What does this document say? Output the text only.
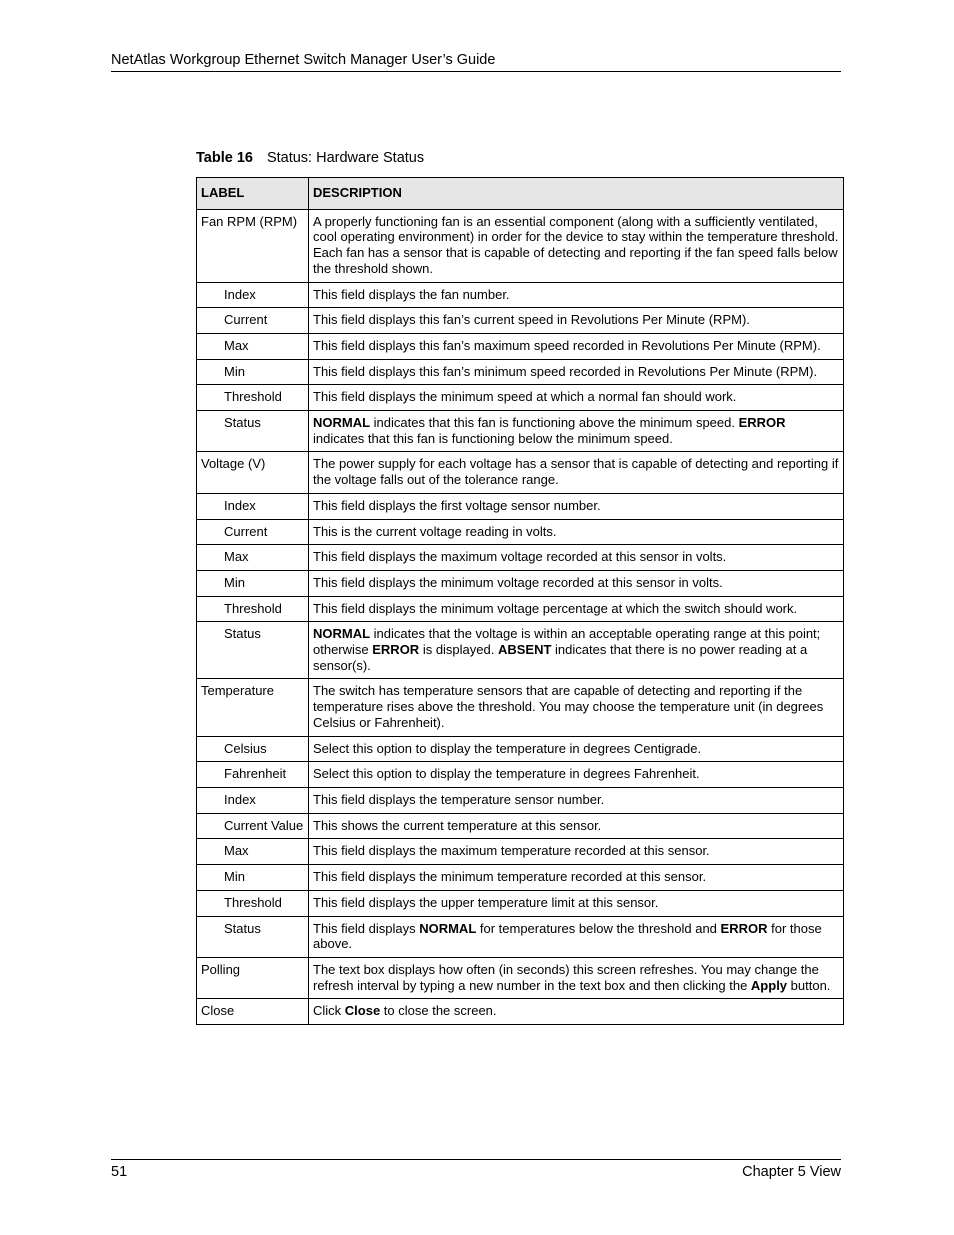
NetAtlas Workgroup Ethernet Switch Manager User’s Guide
Table 16 Status: Hardware Status
LABEL	DESCRIPTION
Fan RPM (RPM)	A properly functioning fan is an essential component (along with a sufficiently ventilated, cool operating environment) in order for the device to stay within the temperature threshold. Each fan has a sensor that is capable of detecting and reporting if the fan speed falls below the threshold shown.
Index	This field displays the fan number.
Current	This field displays this fan’s current speed in Revolutions Per Minute (RPM).
Max	This field displays this fan’s maximum speed recorded in Revolutions Per Minute (RPM).
Min	This field displays this fan’s minimum speed recorded in Revolutions Per Minute (RPM).
Threshold	This field displays the minimum speed at which a normal fan should work.
Status	NORMAL indicates that this fan is functioning above the minimum speed. ERROR indicates that this fan is functioning below the minimum speed.
Voltage (V)	The power supply for each voltage has a sensor that is capable of detecting and reporting if the voltage falls out of the tolerance range.
Index	This field displays the first voltage sensor number.
Current	This is the current voltage reading in volts.
Max	This field displays the maximum voltage recorded at this sensor in volts.
Min	This field displays the minimum voltage recorded at this sensor in volts.
Threshold	This field displays the minimum voltage percentage at which the switch should work.
Status	NORMAL indicates that the voltage is within an acceptable operating range at this point; otherwise ERROR is displayed. ABSENT indicates that there is no power reading at a sensor(s).
Temperature	The switch has temperature sensors that are capable of detecting and reporting if the temperature rises above the threshold. You may choose the temperature unit (in degrees Celsius or Fahrenheit).
Celsius	Select this option to display the temperature in degrees Centigrade.
Fahrenheit	Select this option to display the temperature in degrees Fahrenheit.
Index	This field displays the temperature sensor number.
Current Value	This shows the current temperature at this sensor.
Max	This field displays the maximum temperature recorded at this sensor.
Min	This field displays the minimum temperature recorded at this sensor.
Threshold	This field displays the upper temperature limit at this sensor.
Status	This field displays NORMAL for temperatures below the threshold and ERROR for those above.
Polling	The text box displays how often (in seconds) this screen refreshes. You may change the refresh interval by typing a new number in the text box and then clicking the Apply button.
Close	Click Close to close the screen.
51	Chapter 5 View
